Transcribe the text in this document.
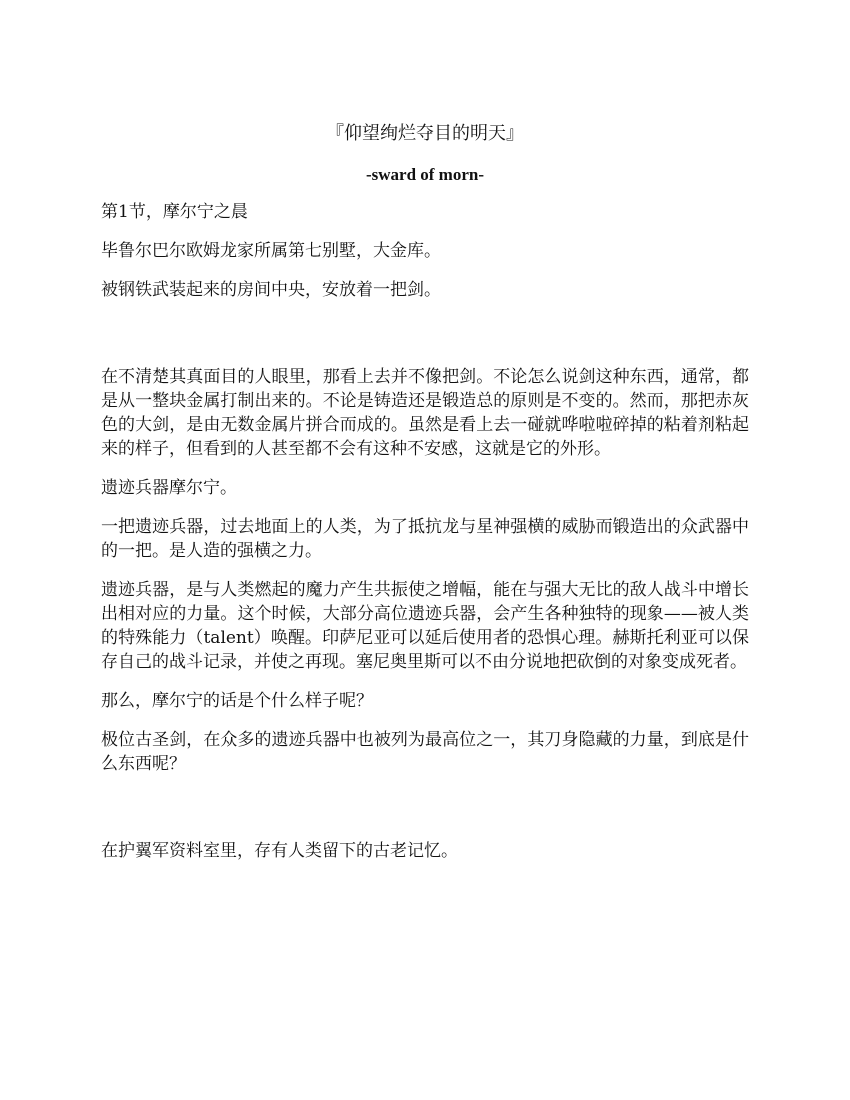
『仰望绚烂夺目的明天』
-sward of morn-

第1节，摩尔宁之晨

毕鲁尔巴尔欧姆龙家所属第七别墅，大金库。

被钢铁武装起来的房间中央，安放着一把剑。

在不清楚其真面目的人眼里，那看上去并不像把剑。不论怎么说剑这种东西，通常，都是从一整块金属打制出来的。不论是铸造还是锻造总的原则是不变的。然而，那把赤灰色的大剑，是由无数金属片拼合而成的。虽然是看上去一碰就哗啦啦碎掉的粘着剂粘起来的样子，但看到的人甚至都不会有这种不安感，这就是它的外形。

遗迹兵器摩尔宁。

一把遗迹兵器，过去地面上的人类，为了抵抗龙与星神强横的威胁而锻造出的众武器中的一把。是人造的强横之力。

遗迹兵器，是与人类燃起的魔力产生共振使之增幅，能在与强大无比的敌人战斗中增长出相对应的力量。这个时候，大部分高位遗迹兵器，会产生各种独特的现象——被人类的特殊能力（talent）唤醒。印萨尼亚可以延后使用者的恐惧心理。赫斯托利亚可以保存自己的战斗记录，并使之再现。塞尼奥里斯可以不由分说地把砍倒的对象变成死者。

那么，摩尔宁的话是个什么样子呢？

极位古圣剑，在众多的遗迹兵器中也被列为最高位之一，其刀身隐藏的力量，到底是什么东西呢？

在护翼军资料室里，存有人类留下的古老记忆。
